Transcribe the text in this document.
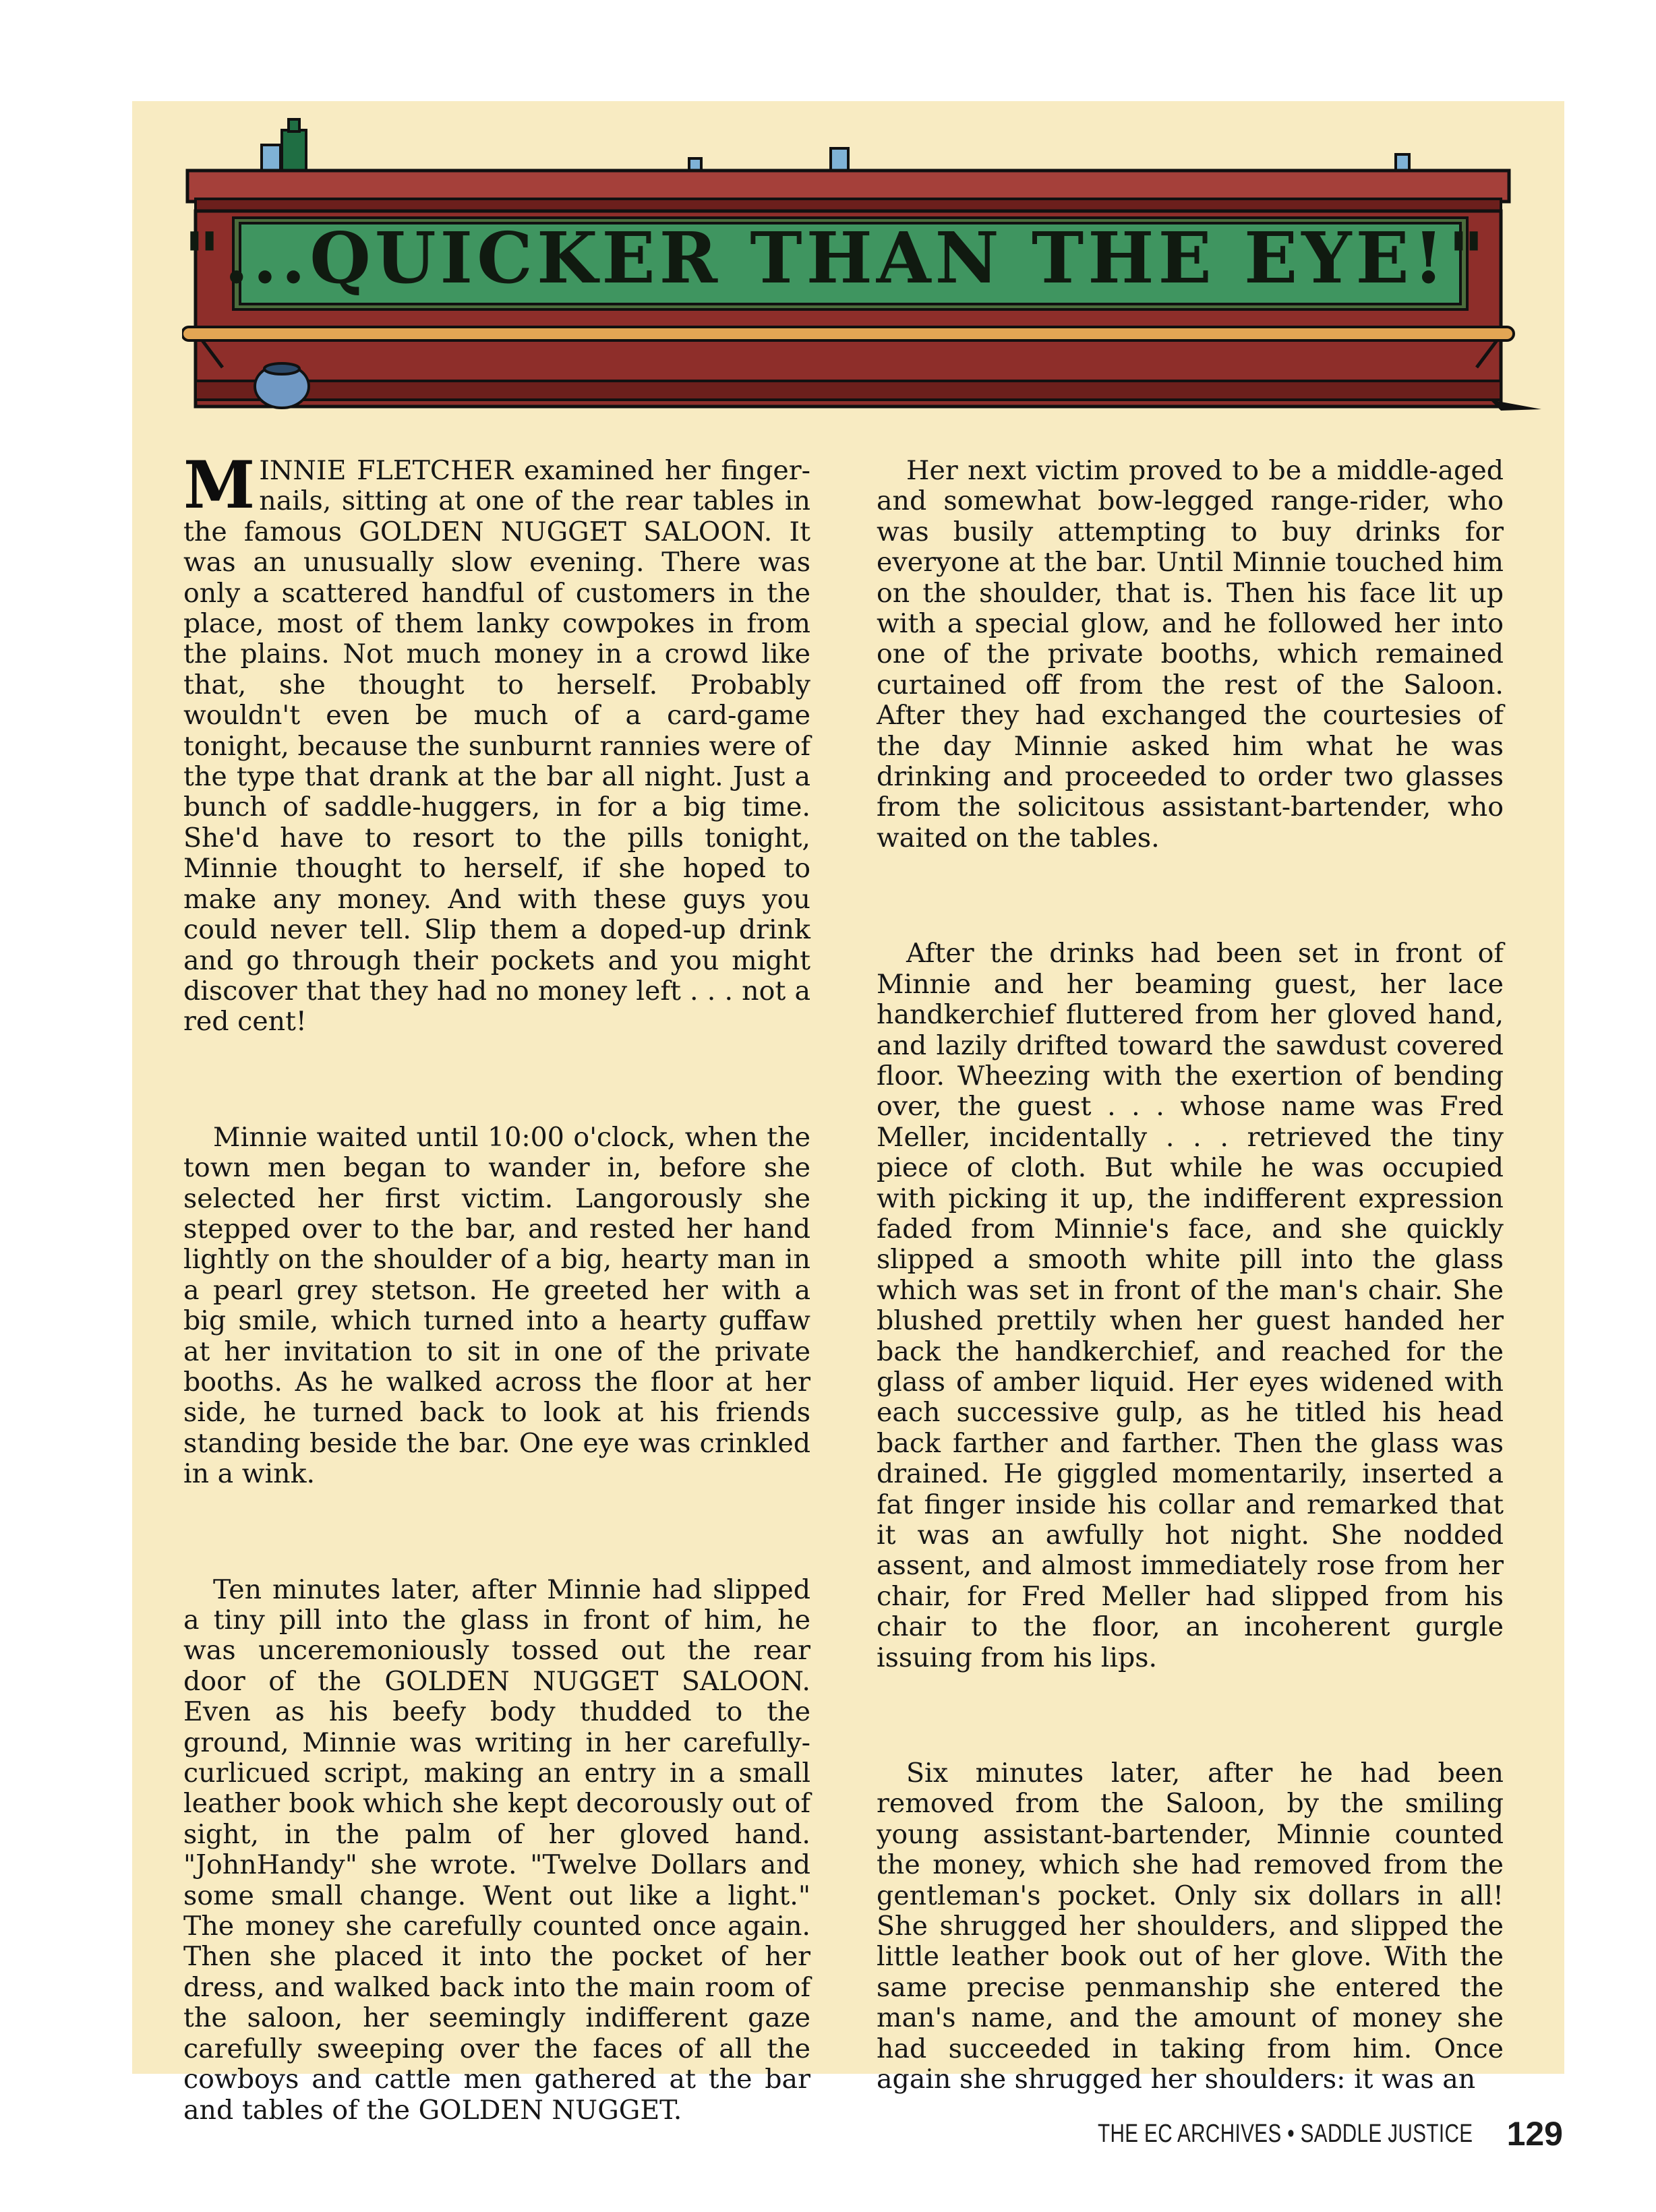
"...QUICKER THAN THE EYE!"

MINNIE FLETCHER examined her finger-nails, sitting at one of the rear tables in the famous GOLDEN NUGGET SALOON. It was an unusually slow evening. There was only a scattered handful of customers in the place, most of them lanky cowpokes in from the plains. Not much money in a crowd like that, she thought to herself. Probably wouldn't even be much of a card-game tonight, because the sunburnt rannies were of the type that drank at the bar all night. Just a bunch of saddle-huggers, in for a big time. She'd have to resort to the pills tonight, Minnie thought to herself, if she hoped to make any money. And with these guys you could never tell. Slip them a doped-up drink and go through their pockets and you might discover that they had no money left . . . not a red cent!

Minnie waited until 10:00 o'clock, when the town men began to wander in, before she selected her first victim. Langorously she stepped over to the bar, and rested her hand lightly on the shoulder of a big, hearty man in a pearl grey stetson. He greeted her with a big smile, which turned into a hearty guffaw at her invitation to sit in one of the private booths. As he walked across the floor at her side, he turned back to look at his friends standing beside the bar. One eye was crinkled in a wink.

Ten minutes later, after Minnie had slipped a tiny pill into the glass in front of him, he was unceremoniously tossed out the rear door of the GOLDEN NUGGET SALOON. Even as his beefy body thudded to the ground, Minnie was writing in her carefully-curlicued script, making an entry in a small leather book which she kept decorously out of sight, in the palm of her gloved hand. "JohnHandy" she wrote. "Twelve Dollars and some small change. Went out like a light." The money she carefully counted once again. Then she placed it into the pocket of her dress, and walked back into the main room of the saloon, her seemingly indifferent gaze carefully sweeping over the faces of all the cowboys and cattle men gathered at the bar and tables of the GOLDEN NUGGET.

Her next victim proved to be a middle-aged and somewhat bow-legged range-rider, who was busily attempting to buy drinks for everyone at the bar. Until Minnie touched him on the shoulder, that is. Then his face lit up with a special glow, and he followed her into one of the private booths, which remained curtained off from the rest of the Saloon. After they had exchanged the courtesies of the day Minnie asked him what he was drinking and proceeded to order two glasses from the solicitous assistant-bartender, who waited on the tables.

After the drinks had been set in front of Minnie and her beaming guest, her lace handkerchief fluttered from her gloved hand, and lazily drifted toward the sawdust covered floor. Wheezing with the exertion of bending over, the guest . . . whose name was Fred Meller, incidentally . . . retrieved the tiny piece of cloth. But while he was occupied with picking it up, the indifferent expression faded from Minnie's face, and she quickly slipped a smooth white pill into the glass which was set in front of the man's chair. She blushed prettily when her guest handed her back the handkerchief, and reached for the glass of amber liquid. Her eyes widened with each successive gulp, as he titled his head back farther and farther. Then the glass was drained. He giggled momentarily, inserted a fat finger inside his collar and remarked that it was an awfully hot night. She nodded assent, and almost immediately rose from her chair, for Fred Meller had slipped from his chair to the floor, an incoherent gurgle issuing from his lips.

Six minutes later, after he had been removed from the Saloon, by the smiling young assistant-bartender, Minnie counted the money, which she had removed from the gentleman's pocket. Only six dollars in all! She shrugged her shoulders, and slipped the little leather book out of her glove. With the same precise penmanship she entered the man's name, and the amount of money she had succeeded in taking from him. Once again she shrugged her shoulders: it was an

THE EC ARCHIVES • SADDLE JUSTICE 129
